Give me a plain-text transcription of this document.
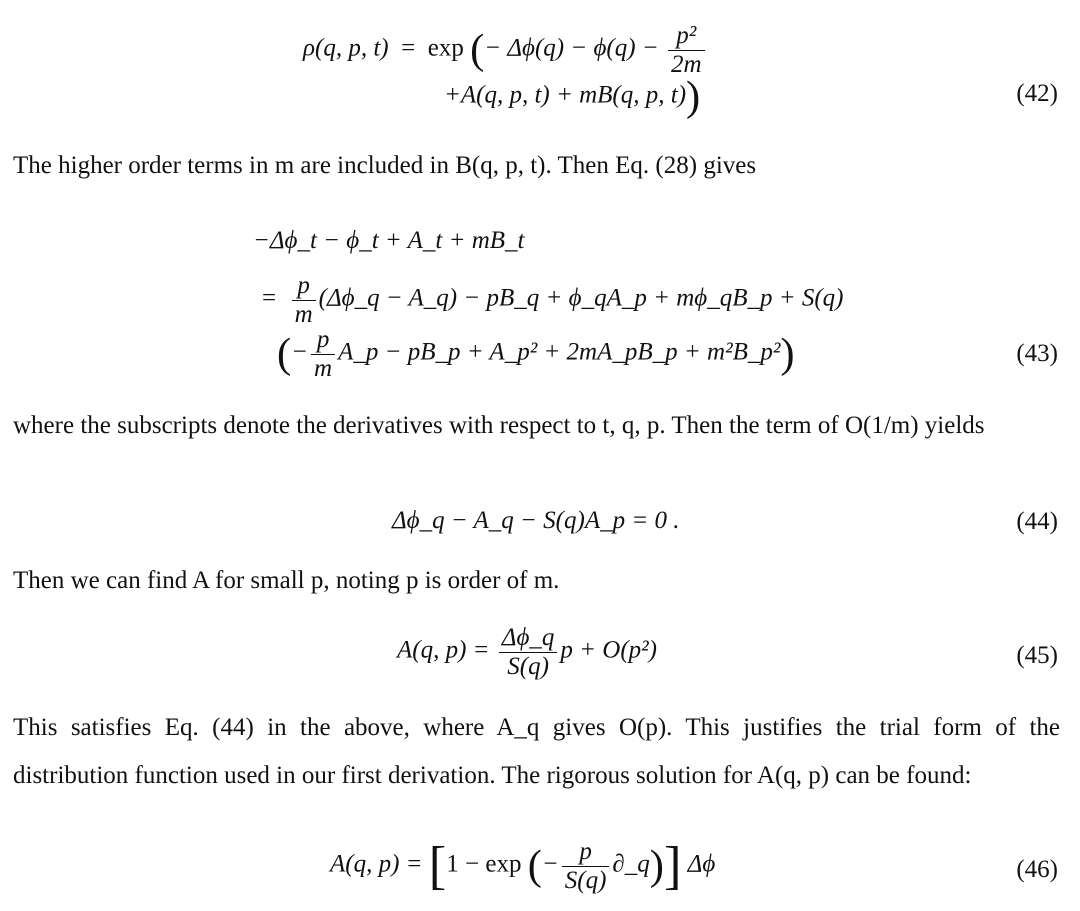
ρ(q, p, t) = exp (− $\Delta\phi(q) - \phi(q) - \frac{\text{p²}}{2m}$
+A(q, p, t) + mB(q, p, t))	(42)

The higher order terms in m are included in B(q, p, t). Then Eq. (28) gives

−Δϕ_t − ϕ_t + A_t + mB_t
= $\frac{p}{m}$ (Δϕ_q − A_q) − pB_q + ϕ_qA_p + mϕ_qB_p + S(q)
(− $\frac{p}{m}$ A_p − pB_p + A_p² + 2mA_pB_p + m²B_p²)	(43)

where the subscripts denote the derivatives with respect to t, q, p. Then the term of O(1/m) yields

Δϕ_q − A_q − S(q)A_p = 0 .	(44)

Then we can find A for small p, noting p is order of m.

A(q, $p) = \frac{\Delta\phi\_q}{S(q)}$ p + O(p²)	(45)

This satisfies Eq. (44) in the above, where A_q gives O(p). This justifies the trial form of the distribution function used in our first derivation. The rigorous solution for A(q, p) can be found:

A(q, p) = [1 − exp (− $\frac{p}{S(q)}$ ∂_q)] Δϕ	(46)
